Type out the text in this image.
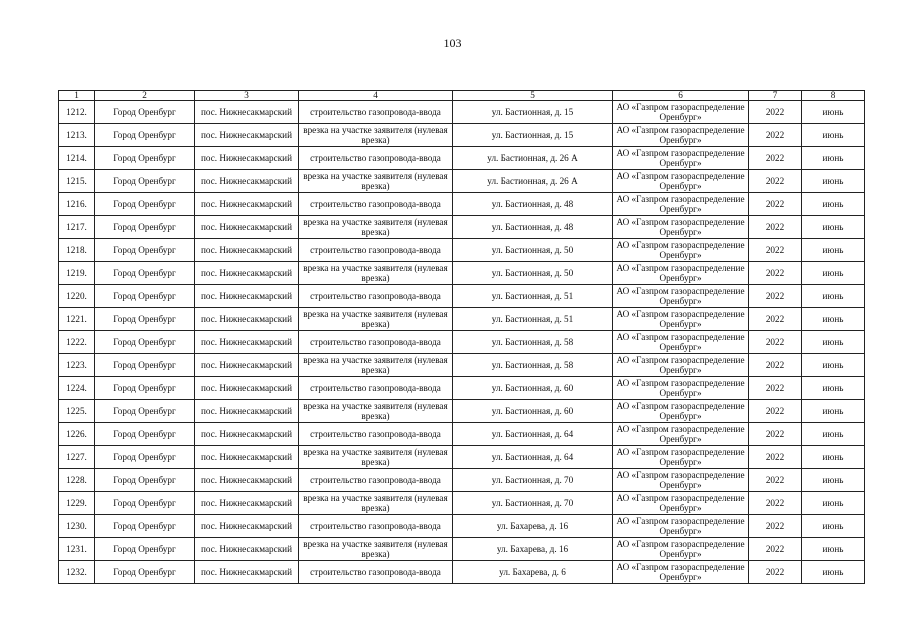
103
1	2	3	4	5	6	7	8
1212.	Город Оренбург	пос. Нижнесакмарский	строительство газопровода-ввода	ул. Бастионная, д. 15	АО «Газпром газораспределение Оренбург»	2022	июнь
1213.	Город Оренбург	пос. Нижнесакмарский	врезка на участке заявителя (нулевая врезка)	ул. Бастионная, д. 15	АО «Газпром газораспределение Оренбург»	2022	июнь
1214.	Город Оренбург	пос. Нижнесакмарский	строительство газопровода-ввода	ул. Бастионная, д. 26 А	АО «Газпром газораспределение Оренбург»	2022	июнь
1215.	Город Оренбург	пос. Нижнесакмарский	врезка на участке заявителя (нулевая врезка)	ул. Бастионная, д. 26 А	АО «Газпром газораспределение Оренбург»	2022	июнь
1216.	Город Оренбург	пос. Нижнесакмарский	строительство газопровода-ввода	ул. Бастионная, д. 48	АО «Газпром газораспределение Оренбург»	2022	июнь
1217.	Город Оренбург	пос. Нижнесакмарский	врезка на участке заявителя (нулевая врезка)	ул. Бастионная, д. 48	АО «Газпром газораспределение Оренбург»	2022	июнь
1218.	Город Оренбург	пос. Нижнесакмарский	строительство газопровода-ввода	ул. Бастионная, д. 50	АО «Газпром газораспределение Оренбург»	2022	июнь
1219.	Город Оренбург	пос. Нижнесакмарский	врезка на участке заявителя (нулевая врезка)	ул. Бастионная, д. 50	АО «Газпром газораспределение Оренбург»	2022	июнь
1220.	Город Оренбург	пос. Нижнесакмарский	строительство газопровода-ввода	ул. Бастионная, д. 51	АО «Газпром газораспределение Оренбург»	2022	июнь
1221.	Город Оренбург	пос. Нижнесакмарский	врезка на участке заявителя (нулевая врезка)	ул. Бастионная, д. 51	АО «Газпром газораспределение Оренбург»	2022	июнь
1222.	Город Оренбург	пос. Нижнесакмарский	строительство газопровода-ввода	ул. Бастионная, д. 58	АО «Газпром газораспределение Оренбург»	2022	июнь
1223.	Город Оренбург	пос. Нижнесакмарский	врезка на участке заявителя (нулевая врезка)	ул. Бастионная, д. 58	АО «Газпром газораспределение Оренбург»	2022	июнь
1224.	Город Оренбург	пос. Нижнесакмарский	строительство газопровода-ввода	ул. Бастионная, д. 60	АО «Газпром газораспределение Оренбург»	2022	июнь
1225.	Город Оренбург	пос. Нижнесакмарский	врезка на участке заявителя (нулевая врезка)	ул. Бастионная, д. 60	АО «Газпром газораспределение Оренбург»	2022	июнь
1226.	Город Оренбург	пос. Нижнесакмарский	строительство газопровода-ввода	ул. Бастионная, д. 64	АО «Газпром газораспределение Оренбург»	2022	июнь
1227.	Город Оренбург	пос. Нижнесакмарский	врезка на участке заявителя (нулевая врезка)	ул. Бастионная, д. 64	АО «Газпром газораспределение Оренбург»	2022	июнь
1228.	Город Оренбург	пос. Нижнесакмарский	строительство газопровода-ввода	ул. Бастионная, д. 70	АО «Газпром газораспределение Оренбург»	2022	июнь
1229.	Город Оренбург	пос. Нижнесакмарский	врезка на участке заявителя (нулевая врезка)	ул. Бастионная, д. 70	АО «Газпром газораспределение Оренбург»	2022	июнь
1230.	Город Оренбург	пос. Нижнесакмарский	строительство газопровода-ввода	ул. Бахарева, д. 16	АО «Газпром газораспределение Оренбург»	2022	июнь
1231.	Город Оренбург	пос. Нижнесакмарский	врезка на участке заявителя (нулевая врезка)	ул. Бахарева, д. 16	АО «Газпром газораспределение Оренбург»	2022	июнь
1232.	Город Оренбург	пос. Нижнесакмарский	строительство газопровода-ввода	ул. Бахарева, д. 6	АО «Газпром газораспределение Оренбург»	2022	июнь
